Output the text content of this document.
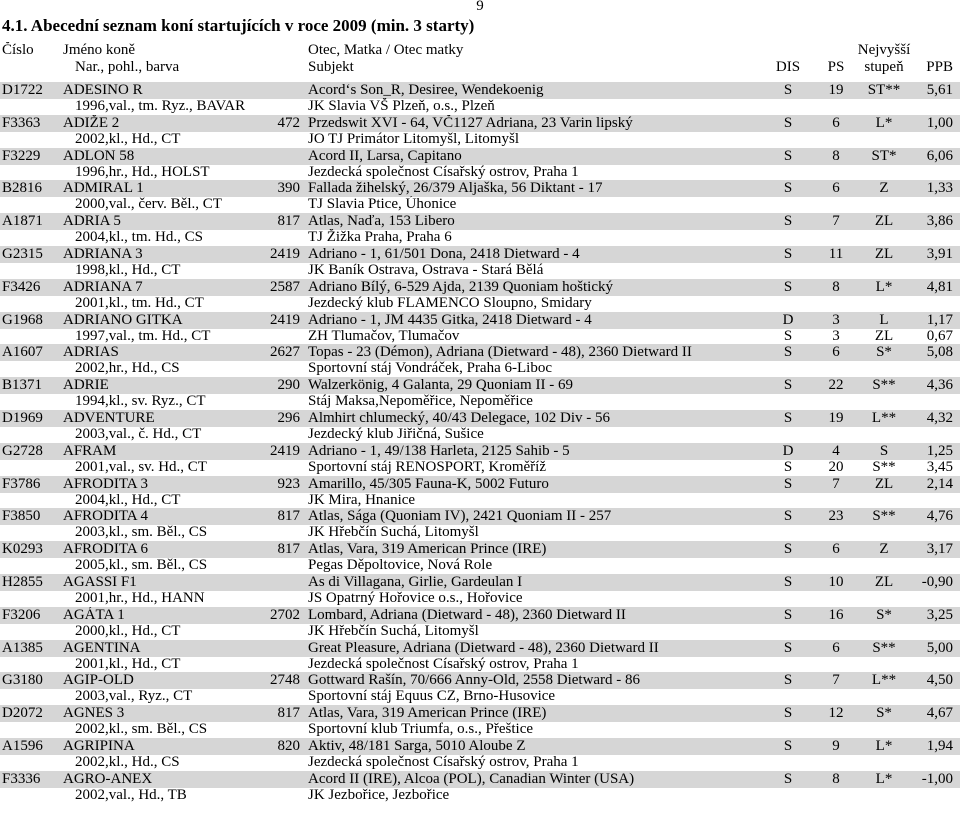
9
4.1. Abecední seznam koní startujících v roce 2009 (min. 3 starty)
Číslo	Jméno koně	Otec, Matka / Otec matky	Nejvyšší
Nar., pohl., barva	Subjekt	DIS	PS	stupeň	PPB
D1722	ADESINO R	Acord‘s Son_R, Desiree, Wendekoenig	S	19	ST**	5,61
1996,val., tm. Ryz., BAVAR	JK Slavia VŠ Plzeň, o.s., Plzeň
F3363	ADIŽE 2	472 Przedswit XVI - 64, VČ1127 Adriana, 23 Varin lipský	S	6	L*	1,00
2002,kl., Hd., CT	JO TJ Primátor Litomyšl, Litomyšl
F3229	ADLON 58	Acord II, Larsa, Capitano	S	8	ST*	6,06
1996,hr., Hd., HOLST	Jezdecká společnost Císařský ostrov, Praha 1
B2816	ADMIRAL 1	390 Fallada žihelský, 26/379 Aljaška, 56 Diktant - 17	S	6	Z	1,33
2000,val., červ. Běl., CT	TJ Slavia Ptice, Úhonice
A1871	ADRIA 5	817 Atlas, Naďa, 153 Libero	S	7	ZL	3,86
2004,kl., tm. Hd., CS	TJ Žižka Praha, Praha 6
G2315	ADRIANA 3	2419 Adriano - 1, 61/501 Dona, 2418 Dietward - 4	S	11	ZL	3,91
1998,kl., Hd., CT	JK Baník Ostrava, Ostrava - Stará Bělá
F3426	ADRIANA 7	2587 Adriano Bílý, 6-529 Ajda, 2139 Quoniam hoštický	S	8	L*	4,81
2001,kl., tm. Hd., CT	Jezdecký klub FLAMENCO Sloupno, Smidary
G1968	ADRIANO GITKA	2419 Adriano - 1, JM 4435 Gitka, 2418 Dietward - 4	D	3	L	1,17
1997,val., tm. Hd., CT	ZH Tlumačov, Tlumačov	S	3	ZL	0,67
A1607	ADRIAS	2627 Topas - 23 (Démon), Adriana (Dietward - 48), 2360 Dietward II	S	6	S*	5,08
2002,hr., Hd., CS	Sportovní stáj Vondráček, Praha 6-Liboc
B1371	ADRIE	290 Walzerkönig, 4 Galanta, 29 Quoniam II - 69	S	22	S**	4,36
1994,kl., sv. Ryz., CT	Stáj Maksa,Nepoměřice, Nepoměřice
D1969	ADVENTURE	296 Almhirt chlumecký, 40/43 Delegace, 102 Div - 56	S	19	L**	4,32
2003,val., č. Hd., CT	Jezdecký klub Jiřičná, Sušice
G2728	AFRAM	2419 Adriano - 1, 49/138 Harleta, 2125 Sahib - 5	D	4	S	1,25
2001,val., sv. Hd., CT	Sportovní stáj RENOSPORT, Kroměříž	S	20	S**	3,45
F3786	AFRODITA 3	923 Amarillo, 45/305 Fauna-K, 5002 Futuro	S	7	ZL	2,14
2004,kl., Hd., CT	JK Mira, Hnanice
F3850	AFRODITA 4	817 Atlas, Sága (Quoniam IV), 2421 Quoniam II - 257	S	23	S**	4,76
2003,kl., sm. Běl., CS	JK Hřebčín Suchá, Litomyšl
K0293	AFRODITA 6	817 Atlas, Vara, 319 American Prince (IRE)	S	6	Z	3,17
2005,kl., sm. Běl., CS	Pegas Děpoltovice, Nová Role
H2855	AGASSI F1	As di Villagana, Girlie, Gardeulan I	S	10	ZL	-0,90
2001,hr., Hd., HANN	JS Opatrný Hořovice o.s., Hořovice
F3206	AGÁTA 1	2702 Lombard, Adriana (Dietward - 48), 2360 Dietward II	S	16	S*	3,25
2000,kl., Hd., CT	JK Hřebčín Suchá, Litomyšl
A1385	AGENTINA	Great Pleasure, Adriana (Dietward - 48), 2360 Dietward II	S	6	S**	5,00
2001,kl., Hd., CT	Jezdecká společnost Císařský ostrov, Praha 1
G3180	AGIP-OLD	2748 Gottward Rašín, 70/666 Anny-Old, 2558 Dietward - 86	S	7	L**	4,50
2003,val., Ryz., CT	Sportovní stáj Equus CZ, Brno-Husovice
D2072	AGNES 3	817 Atlas, Vara, 319 American Prince (IRE)	S	12	S*	4,67
2002,kl., sm. Běl., CS	Sportovní klub Triumfa, o.s., Přeštice
A1596	AGRIPINA	820 Aktiv, 48/181 Sarga, 5010 Aloube Z	S	9	L*	1,94
2002,kl., Hd., CS	Jezdecká společnost Císařský ostrov, Praha 1
F3336	AGRO-ANEX	Acord II (IRE), Alcoa (POL), Canadian Winter (USA)	S	8	L*	-1,00
2002,val., Hd., TB	JK Jezbořice, Jezbořice
